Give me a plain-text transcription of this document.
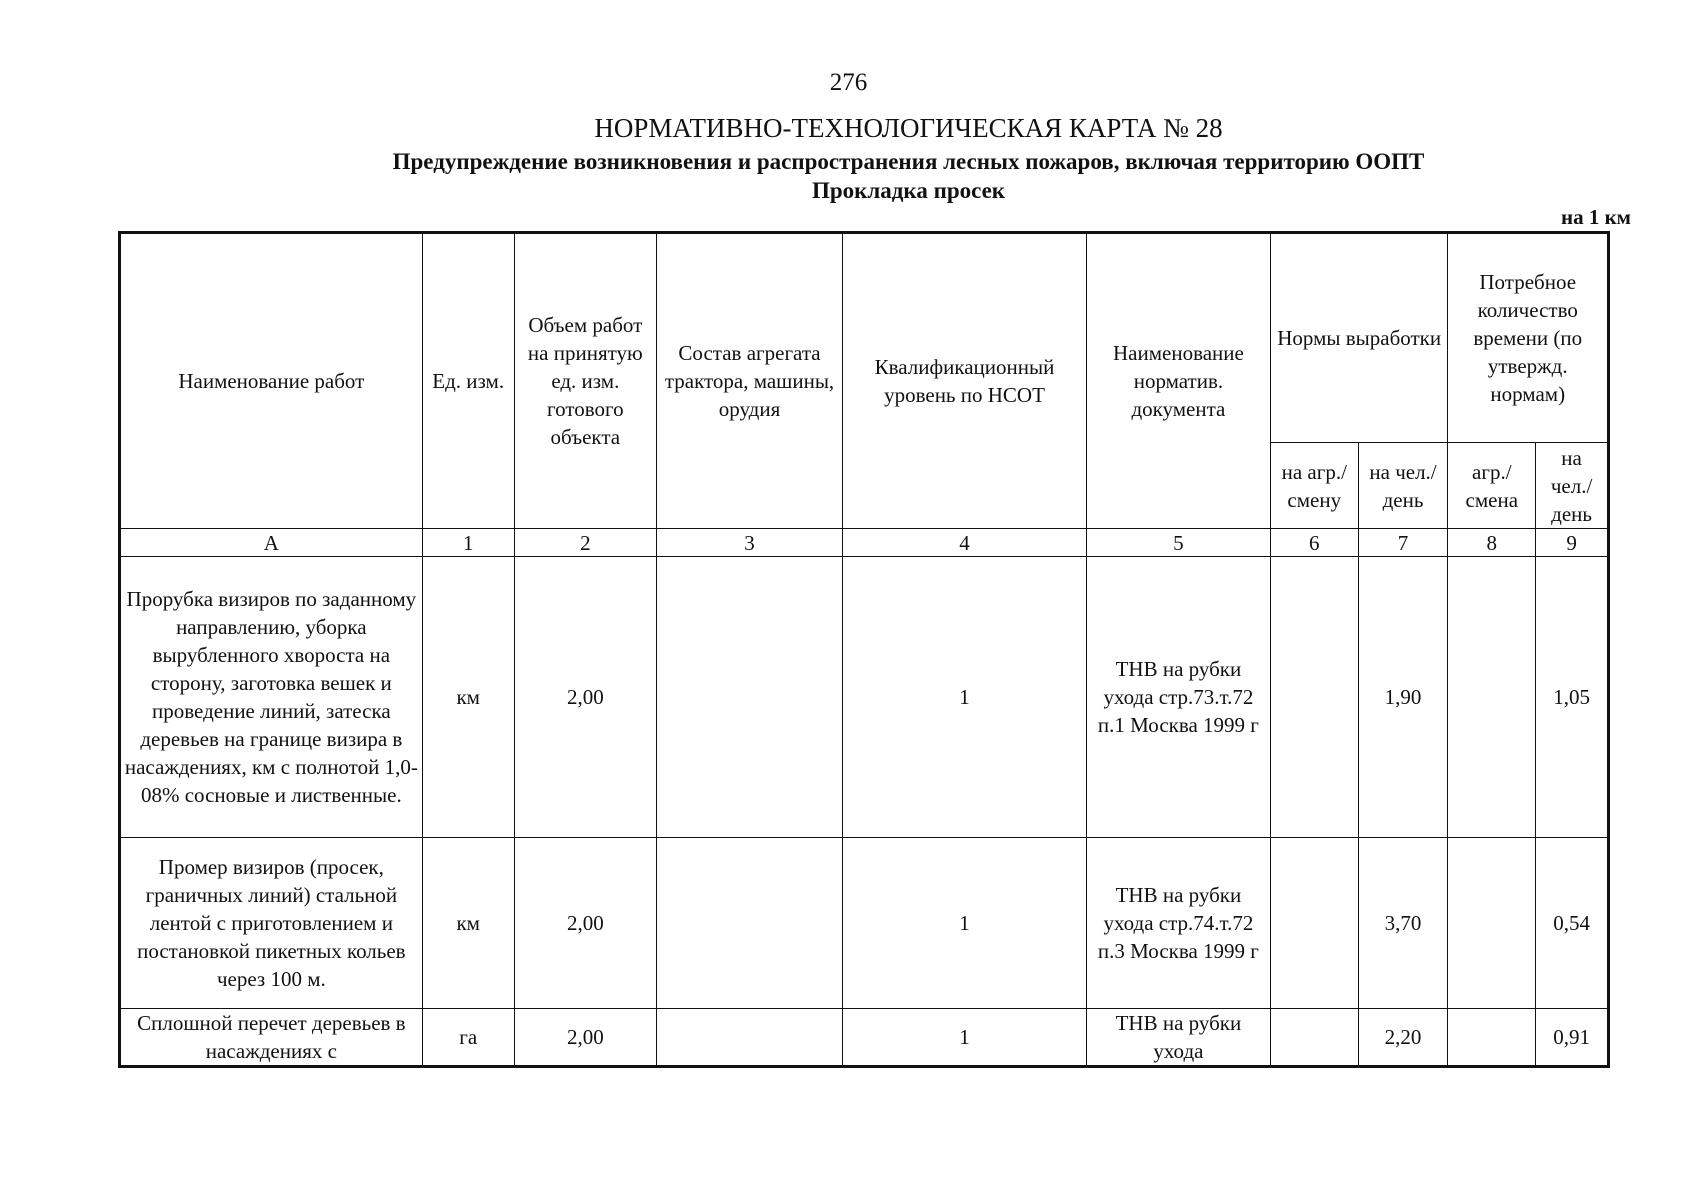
276
НОРМАТИВНО-ТЕХНОЛОГИЧЕСКАЯ КАРТА № 28
Предупреждение возникновения и распространения лесных пожаров, включая территорию ООПТ
Прокладка просек
на 1 км
Наименование работ	Ед. изм.	Объем работ на принятую ед. изм. готового объекта	Состав агрегата трактора, машины, орудия	Квалификационный уровень по НСОТ	Наименование норматив. документа	Нормы выработки		Потребное количество времени (по утвержд. нормам)	
						на агр./ смену	на чел./ день	агр./ смена	на чел./ день
А	1	2	3	4	5	6	7	8	9
Прорубка визиров по заданному направлению, уборка вырубленного хвороста на сторону, заготовка вешек и проведение линий, затеска деревьев на границе визира в насаждениях, км с полнотой 1,0-08% сосновые и лиственные.	км	2,00		1	ТНВ на рубки ухода стр.73.т.72 п.1 Москва 1999 г		1,90		1,05
Промер визиров (просек, граничных линий) стальной лентой с приготовлением и постановкой пикетных кольев через 100 м.	км	2,00		1	ТНВ на рубки ухода стр.74.т.72 п.3 Москва 1999 г		3,70		0,54
Сплошной перечет деревьев в насаждениях с	га	2,00		1	ТНВ на рубки ухода		2,20		0,91
